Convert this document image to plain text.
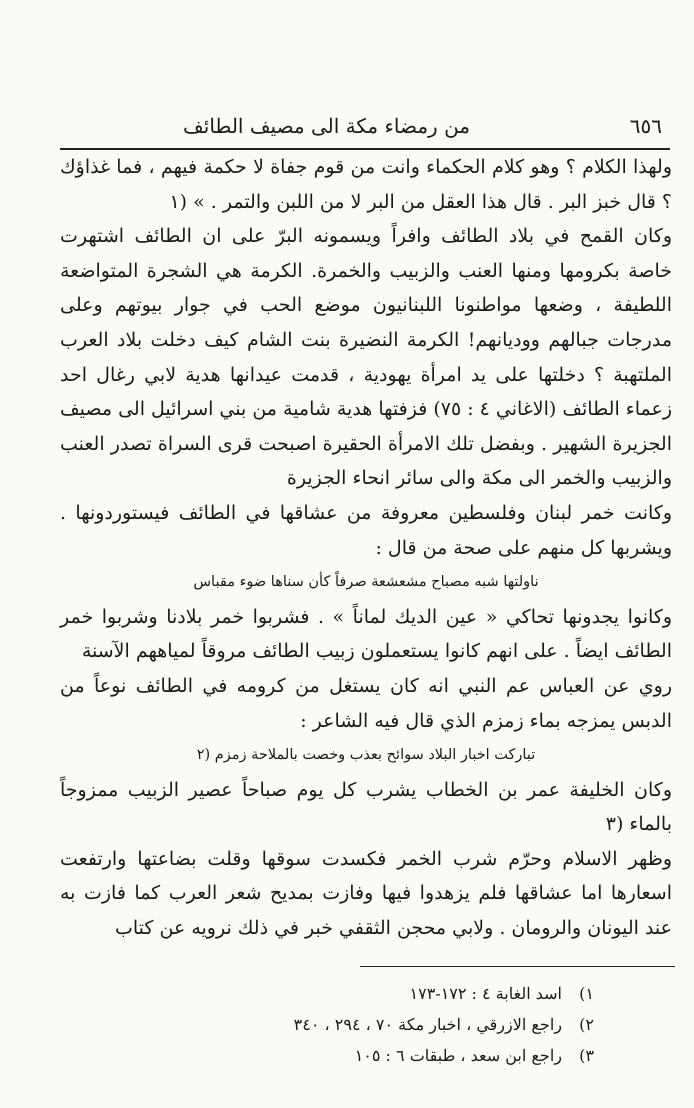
٦٥٦
من رمضاء مكة الى مصيف الطائف

ولهذا الكلام ؟ وهو كلام الحكماء وانت من قوم جفاة لا حكمة فيهم ، فما غذاؤك ؟ قال خبز البر . قال هذا العقل من البر لا من اللبن والتمر . » (١

وكان القمح في بلاد الطائف وافراً ويسمونه البرّ على ان الطائف اشتهرت خاصة بكرومها ومنها العنب والزبيب والخمرة. الكرمة هي الشجرة المتواضعة اللطيفة ، وضعها مواطنونا اللبنانيون موضع الحب في جوار بيوتهم وعلى مدرجات جبالهم ووديانهم! الكرمة النضيرة بنت الشام كيف دخلت بلاد العرب الملتهبة ؟ دخلتها على يد امرأة يهودية ، قدمت عيدانها هدية لابي رغال احد زعماء الطائف (الاغاني ٤ : ٧٥) فزفتها هدية شامية من بني اسرائيل الى مصيف الجزيرة الشهير . وبفضل تلك الامرأة الحقيرة اصبحت قرى السراة تصدر العنب والزبيب والخمر الى مكة والى سائر انحاء الجزيرة

وكانت خمر لبنان وفلسطين معروفة من عشاقها في الطائف فيستوردونها . ويشربها كل منهم على صحة من قال :

ناولتها شبه مصباح مشعشعة صرفاً كأن سناها ضوء مقباس

وكانوا يجدونها تحاكي « عين الديك لماناً » . فشربوا خمر بلادنا وشربوا خمر الطائف ايضاً . على انهم كانوا يستعملون زبيب الطائف مروقاً لمياههم الآسنة

روي عن العباس عم النبي انه كان يستغل من كرومه في الطائف نوعاً من الدبس يمزجه بماء زمزم الذي قال فيه الشاعر :

تباركت اخبار البلاد سوائح بعذب وخصت بالملاحة زمزم (٢

وكان الخليفة عمر بن الخطاب يشرب كل يوم صباحاً عصير الزبيب ممزوجاً بالماء (٣

وظهر الاسلام وحرّم شرب الخمر فكسدت سوقها وقلت بضاعتها وارتفعت اسعارها اما عشاقها فلم يزهدوا فيها وفازت بمديح شعر العرب كما فازت به عند اليونان والرومان . ولابي محجن الثقفي خبر في ذلك نرويه عن كتاب

١)
اسد الغابة ٤ : ١٧٢-١٧٣
٢)
راجع الازرقي ، اخبار مكة ٧٠ ، ٢٩٤ ، ٣٤٠
٣)
راجع ابن سعد ، طبقات ٦ : ١٠٥
